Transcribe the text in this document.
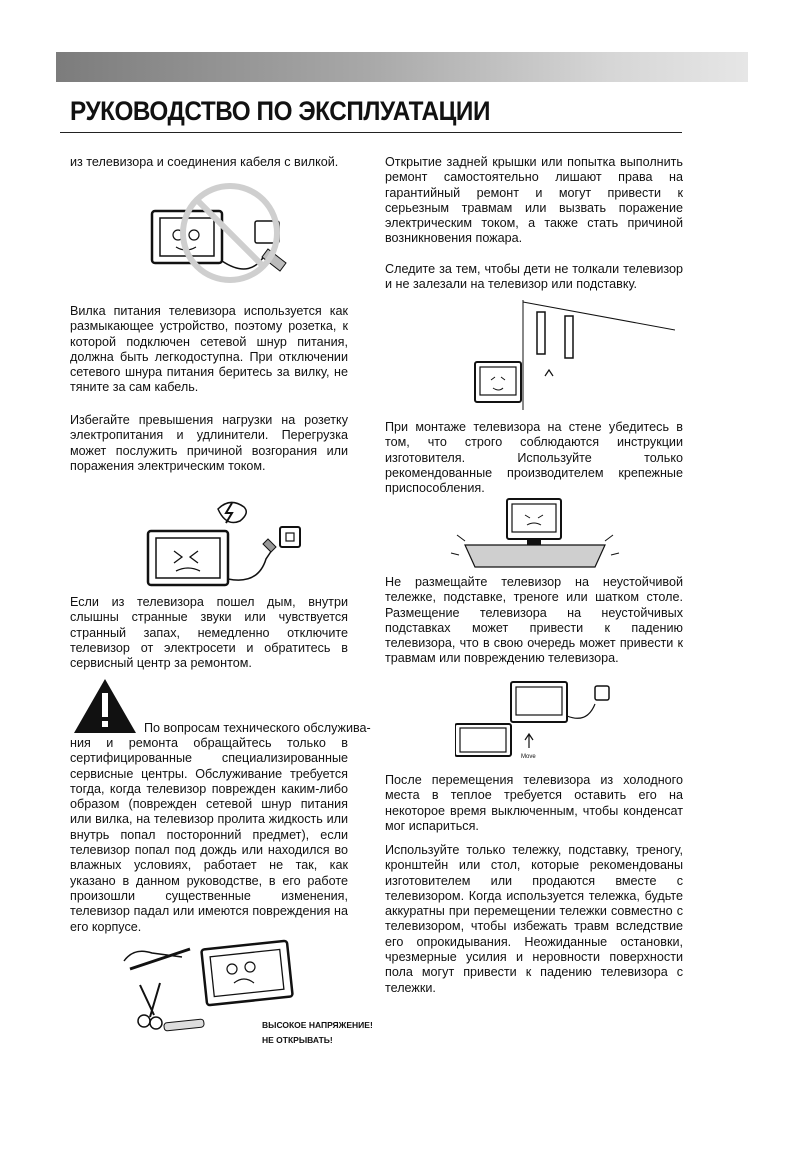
РУКОВОДСТВО ПО ЭКСПЛУАТАЦИИ

из телевизора и соединения кабеля с вилкой.

Вилка питания телевизора используется как размыкающее устройство, поэтому розетка, к которой подключен сетевой шнур питания, должна быть легкодоступна. При отключении сетевого шнура питания беритесь за вилку, не тяните за сам кабель.

Избегайте превышения нагрузки на розетку электропитания и удлинители. Перегрузка может послужить причиной возгорания или поражения электрическим током.

Если из телевизора пошел дым, внутри слышны странные звуки или чувствуется странный запах, немедленно отключите телевизор от электросети и обратитесь в сервисный центр за ремонтом.

По вопросам технического обслужива-

ния и ремонта обращайтесь только в сертифицированные специализированные сервисные центры. Обслуживание требуется тогда, когда телевизор поврежден каким-либо образом (поврежден сетевой шнур питания или вилка, на телевизор пролита жидкость или внутрь попал посторонний предмет), если телевизор попал под дождь или находился во влажных условиях, работает не так, как указано в данном руководстве, в его работе произошли существенные изменения, телевизор падал или имеются повреждения на его корпусе.

ВЫСОКОЕ НАПРЯЖЕНИЕ!
НЕ ОТКРЫВАТЬ!

Открытие задней крышки или попытка выполнить ремонт самостоятельно лишают права на гарантийный ремонт и могут привести к серьезным травмам или вызвать поражение электрическим током, а также стать причиной возникновения пожара.

Следите за тем, чтобы дети не толкали телевизор и не залезали на телевизор или подставку.

При монтаже телевизора на стене убедитесь в том, что строго соблюдаются инструкции изготовителя. Используйте только рекомендованные производителем крепежные приспособления.

Не размещайте телевизор на неустойчивой тележке, подставке, треноге или шатком столе. Размещение телевизора на неустойчивых подставках может привести к падению телевизора, что в свою очередь может привести к травмам или повреждению телевизора.

Move

После перемещения телевизора из холодного места в теплое требуется оставить его на некоторое время выключенным, чтобы конденсат мог испариться.

Используйте только тележку, подставку, треногу, кронштейн или стол, которые рекомендованы изготовителем или продаются вместе с телевизором. Когда используется тележка, будьте аккуратны при перемещении тележки совместно с телевизором, чтобы избежать травм вследствие его опрокидывания. Неожиданные остановки, чрезмерные усилия и неровности поверхности пола могут привести к падению телевизора с тележки.
